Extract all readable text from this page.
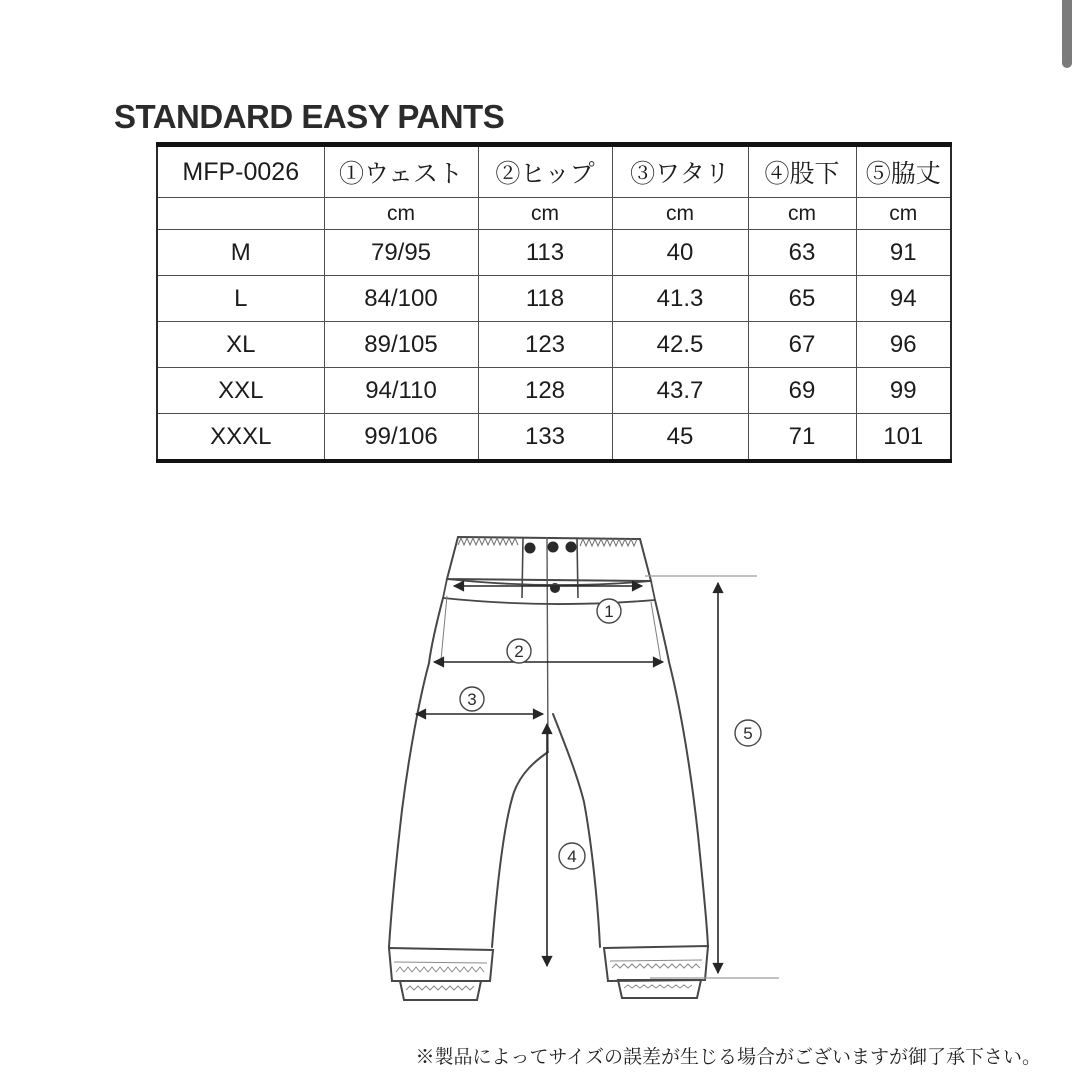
STANDARD EASY PANTS
MFP-0026	①ウェスト	②ヒップ	③ワタリ	④股下	⑤脇丈
	cm	cm	cm	cm	cm
M	79/95	113	40	63	91
L	84/100	118	41.3	65	94
XL	89/105	123	42.5	67	96
XXL	94/110	128	43.7	69	99
XXXL	99/106	133	45	71	101
1
2
3
4
5

※製品によってサイズの誤差が生じる場合がございますが御了承下さい。
